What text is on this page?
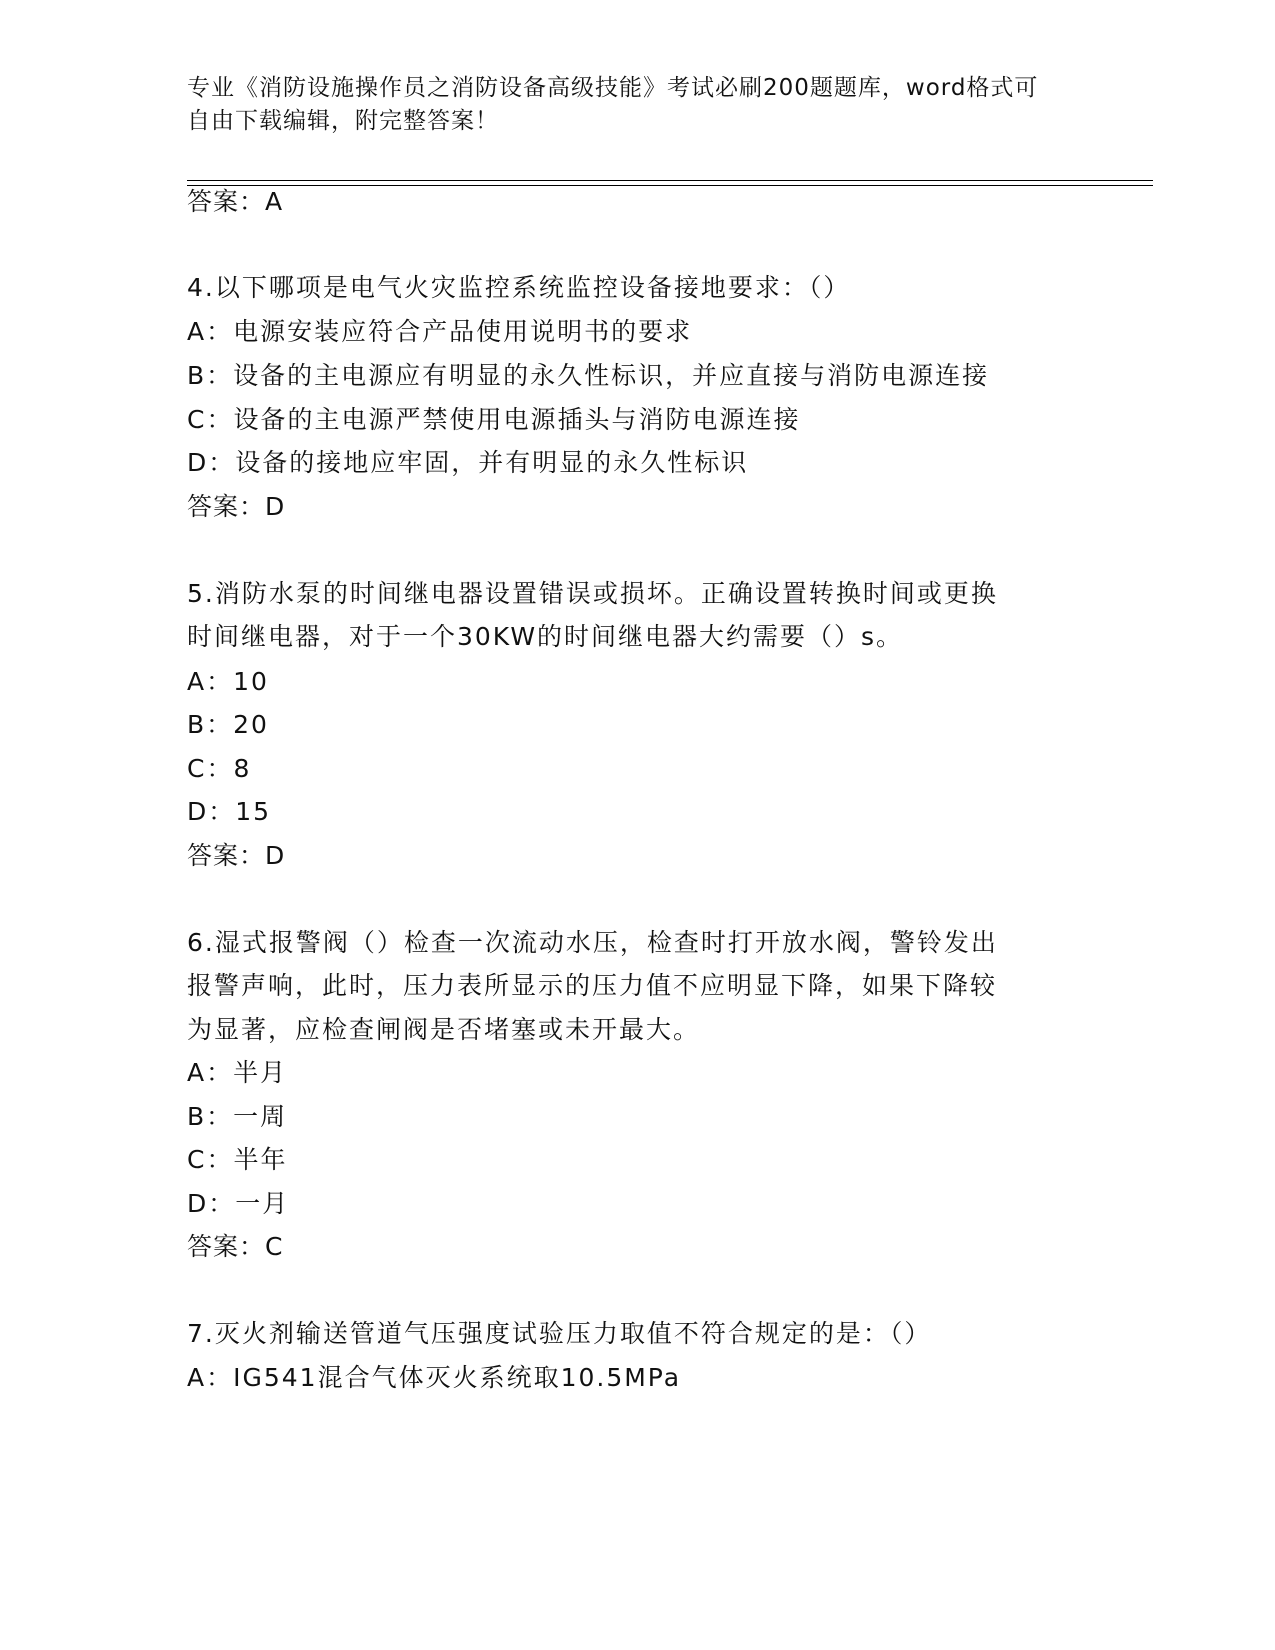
专业《消防设施操作员之消防设备高级技能》考试必刷200题题库，word格式可
自由下载编辑，附完整答案！
答案：A
4.以下哪项是电气火灾监控系统监控设备接地要求：（）
A：电源安装应符合产品使用说明书的要求
B：设备的主电源应有明显的永久性标识，并应直接与消防电源连接
C：设备的主电源严禁使用电源插头与消防电源连接
D：设备的接地应牢固，并有明显的永久性标识
答案：D
5.消防水泵的时间继电器设置错误或损坏。正确设置转换时间或更换
时间继电器，对于一个30KW的时间继电器大约需要（）s。
A：10
B：20
C：8
D：15
答案：D
6.湿式报警阀（）检查一次流动水压，检查时打开放水阀，警铃发出
报警声响，此时，压力表所显示的压力值不应明显下降，如果下降较
为显著，应检查闸阀是否堵塞或未开最大。
A：半月
B：一周
C：半年
D：一月
答案：C
7.灭火剂输送管道气压强度试验压力取值不符合规定的是：（）
A：IG541混合气体灭火系统取10.5MPa
